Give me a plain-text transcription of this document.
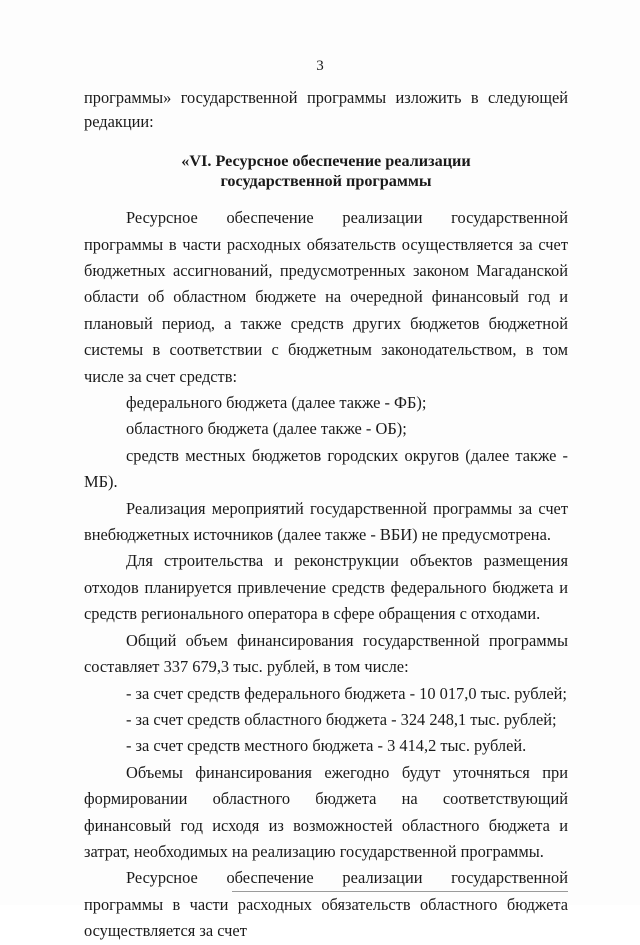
3

программы» государственной программы изложить в следующей

редакции:

«VI. Ресурсное обеспечение реализации
государственной программы

Ресурсное обеспечение реализации государственной программы в части расходных обязательств осуществляется за счет бюджетных ассигнований, предусмотренных законом Магаданской области об областном бюджете на очередной финансовый год и плановый период, а также средств других бюджетов бюджетной системы в соответствии с бюджетным законодательством, в том числе за счет средств:

федерального бюджета (далее также - ФБ);

областного бюджета (далее также - ОБ);

средств местных бюджетов городских округов (далее также - МБ).

Реализация мероприятий государственной программы за счет внебюджетных источников (далее также - ВБИ) не предусмотрена.

Для строительства и реконструкции объектов размещения отходов планируется привлечение средств федерального бюджета и средств регионального оператора в сфере обращения с отходами.

Общий объем финансирования государственной программы составляет 337 679,3 тыс. рублей, в том числе:

- за счет средств федерального бюджета - 10 017,0 тыс. рублей;

- за счет средств областного бюджета - 324 248,1 тыс. рублей;

- за счет средств местного бюджета - 3 414,2 тыс. рублей.

Объемы финансирования ежегодно будут уточняться при формировании областного бюджета на соответствующий финансовый год исходя из возможностей областного бюджета и затрат, необходимых на реализацию государственной программы.

Ресурсное обеспечение реализации государственной программы в части расходных обязательств областного бюджета осуществляется за счет
